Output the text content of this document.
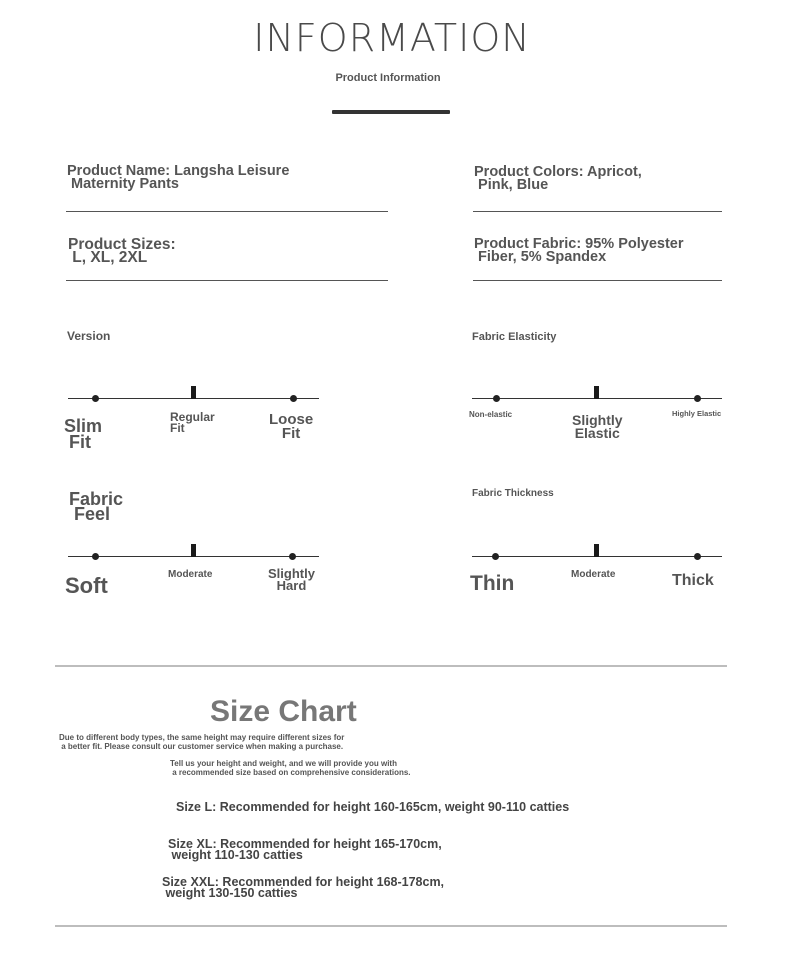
INFORMATION
Product Information
Product Name: Langsha Leisure
Maternity Pants
Product Colors: Apricot,
Pink, Blue
Product Sizes:
L, XL, 2XL
Product Fabric: 95% Polyester
Fiber, 5% Spandex
Version
Slim
Fit
Regular
Fit	Loose
Fit
Fabric Elasticity
Non-elastic	Slightly
Elastic
Highly Elastic
Fabric
Feel
Soft	Moderate	Slightly
Hard
Fabric Thickness
Thin	Moderate	Thick
Size Chart
Due to different body types, the same height may require different sizes for
a better fit. Please consult our customer service when making a purchase.
Tell us your height and weight, and we will provide you with
a recommended size based on comprehensive considerations.
Size L: Recommended for height 160-165cm, weight 90-110 catties
Size XL: Recommended for height 165-170cm,
weight 110-130 catties
Size XXL: Recommended for height 168-178cm,
weight 130-150 catties
